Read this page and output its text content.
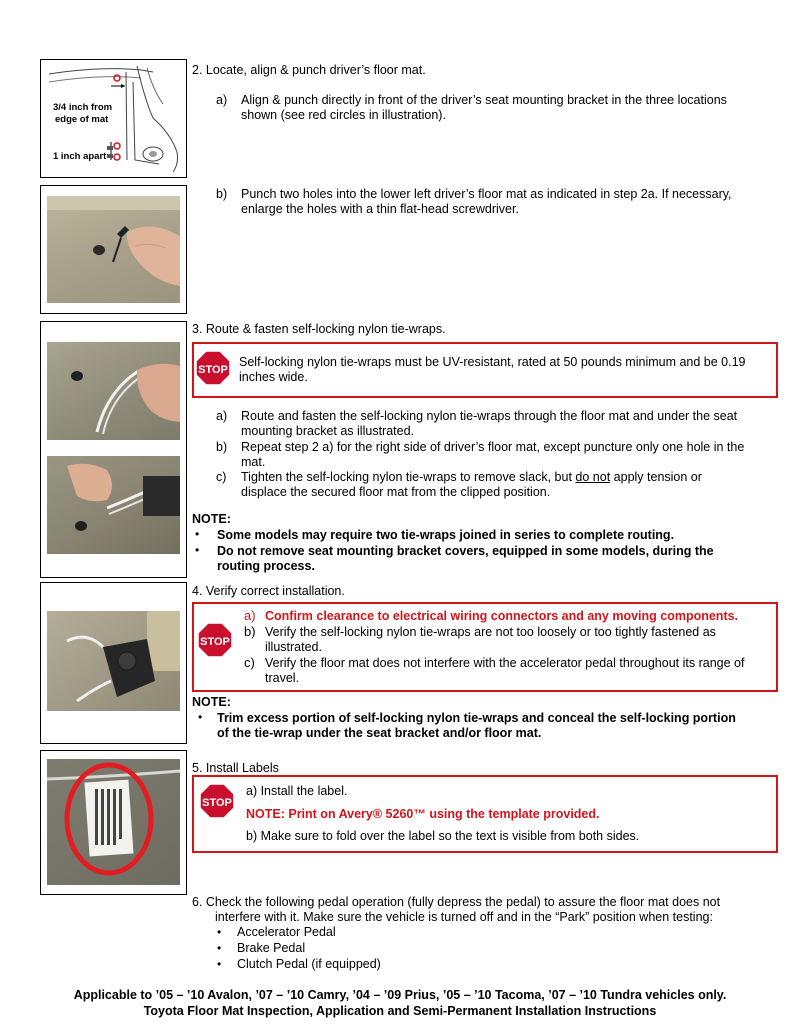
3/4 inch from
edge of mat
1 inch apart
2. Locate, align & punch driver’s floor mat.
a) Align & punch directly in front of the driver’s seat mounting bracket in the three locations
shown (see red circles in illustration).
b) Punch two holes into the lower left driver’s floor mat as indicated in step 2a. If necessary,
enlarge the holes with a thin flat-head screwdriver.
3. Route & fasten self-locking nylon tie-wraps.
STOP
Self-locking nylon tie-wraps must be UV-resistant, rated at 50 pounds minimum and be 0.19
inches wide.
a) Route and fasten the self-locking nylon tie-wraps through the floor mat and under the seat
mounting bracket as illustrated.
b) Repeat step 2 a) for the right side of driver’s floor mat, except puncture only one hole in the
mat.
c) Tighten the self-locking nylon tie-wraps to remove slack, but do not apply tension or
displace the secured floor mat from the clipped position.
NOTE:
• Some models may require two tie-wraps joined in series to complete routing.
• Do not remove seat mounting bracket covers, equipped in some models, during the
routing process.
4. Verify correct installation.
STOP
a) Confirm clearance to electrical wiring connectors and any moving components.
b) Verify the self-locking nylon tie-wraps are not too loosely or too tightly fastened as
illustrated.
c) Verify the floor mat does not interfere with the accelerator pedal throughout its range of
travel.
NOTE:
• Trim excess portion of self-locking nylon tie-wraps and conceal the self-locking portion
of the tie-wrap under the seat bracket and/or floor mat.
5. Install Labels
STOP
a) Install the label.
NOTE: Print on Avery® 5260™ using the template provided.
b) Make sure to fold over the label so the text is visible from both sides.
6. Check the following pedal operation (fully depress the pedal) to assure the floor mat does not
interfere with it. Make sure the vehicle is turned off and in the “Park” position when testing:
• Accelerator Pedal
• Brake Pedal
• Clutch Pedal (if equipped)
Applicable to ’05 – ’10 Avalon, ’07 – ’10 Camry, ’04 – ’09 Prius, ’05 – ’10 Tacoma, ’07 – ’10 Tundra vehicles only.
Toyota Floor Mat Inspection, Application and Semi-Permanent Installation Instructions
